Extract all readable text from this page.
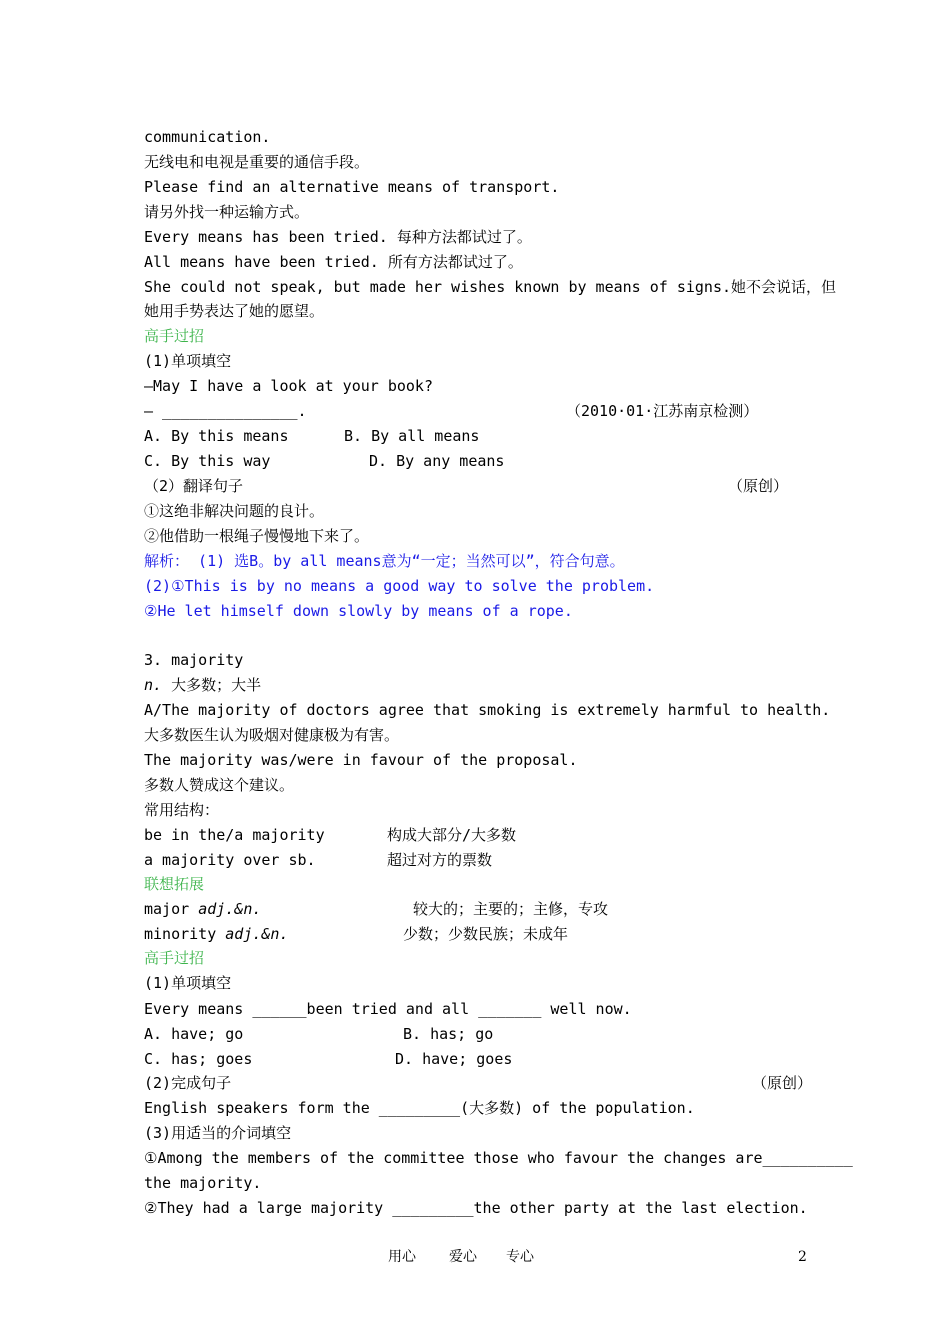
communication.
无线电和电视是重要的通信手段。
Please find an alternative means of transport.
请另外找一种运输方式。
Every means has been tried. 每种方法都试过了。
All means have been tried. 所有方法都试过了。
She could not speak, but made her wishes known by means of signs.她不会说话，但
她用手势表达了她的愿望。
高手过招
(1)单项填空
—May I have a look at your book?
— _______________.	（2010·01·江苏南京检测）
A. By this means	B. By all means
C. By this way	D. By any means
（2）翻译句子	（原创）
①这绝非解决问题的良计。
②他借助一根绳子慢慢地下来了。
解析： (1) 选B。by all means意为“一定；当然可以”，符合句意。
(2)①This is by no means a good way to solve the problem.
②He let himself down slowly by means of a rope.
3. majority
n. 大多数；大半
A/The majority of doctors agree that smoking is extremely harmful to health.
大多数医生认为吸烟对健康极为有害。
The majority was/were in favour of the proposal.
多数人赞成这个建议。
常用结构：
be in the/a majority	构成大部分/大多数
a majority over sb.	超过对方的票数
联想拓展
major adj.&n.	较大的；主要的；主修，专攻
minority adj.&n.	少数；少数民族；未成年
高手过招
(1)单项填空
Every means ______been tried and all _______ well now.
A. have; go	B. has; go
C. has; goes	D. have; goes
(2)完成句子	（原创）
English speakers form the _________(大多数) of the population.
(3)用适当的介词填空
①Among the members of the committee those who favour the changes are__________
the majority.
②They had a large majority _________the other party at the last election.
用心 爱心 专心	2
